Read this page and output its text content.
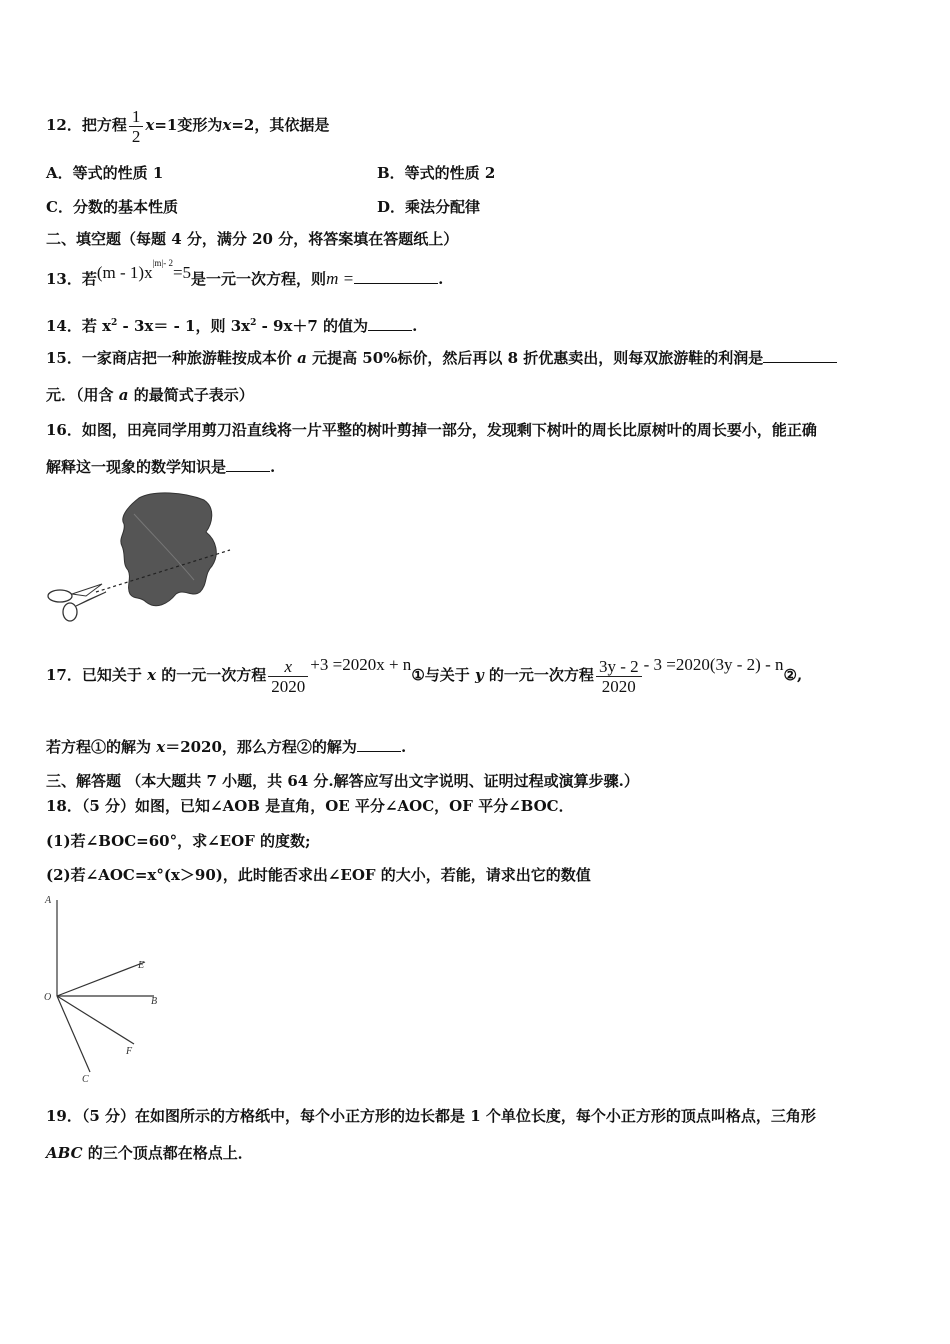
12．把方程 $\frac{1}{2} x=1$变形为x=2，其依据是
A．等式的性质 1	B．等式的性质 2
C．分数的基本性质	D．乘法分配律
二、填空题（每题 4 分，满分 20 分，将答案填在答题纸上）
13．若$(m - 1)x^{|m|- 2}=5$是一元一次方程，则m =	.
14．若 $x^2 - 3x= - 1$，则 $3x^2 - 9x+7$ 的值为	.
15．一家商店把一种旅游鞋按成本价 a 元提高 50%标价，然后再以 8 折优惠卖出，则每双旅游鞋的利润是
元．（用含 a 的最简式子表示）
16．如图，田亮同学用剪刀沿直线将一片平整的树叶剪掉一部分，发现剩下树叶的周长比原树叶的周长要小，能正确
解释这一现象的数学知识是	.
17．已知关于 x 的一元一次方程 $\frac{x}{2020} +3 =2020x$ + n①与关于 y 的一元一次方程 $\frac{3y - 2}{2020} - 3 =2020(3y - 2)$ - n②,
若方程①的解为 x＝2020，那么方程②的解为	.
三、解答题 （本大题共 7 小题，共 64 分.解答应写出文字说明、证明过程或演算步骤.）
18．（5 分）如图，已知∠AOB 是直角，OE 平分∠AOC，OF 平分∠BOC．
(1)若∠BOC=60°，求∠EOF 的度数;
(2)若∠AOC=x°(x＞90)，此时能否求出∠EOF 的大小，若能，请求出它的数值
A
E
O	B
F
C
19．（5 分）在如图所示的方格纸中，每个小正方形的边长都是 1 个单位长度，每个小正方形的顶点叫格点，三角形
ABC 的三个顶点都在格点上．
